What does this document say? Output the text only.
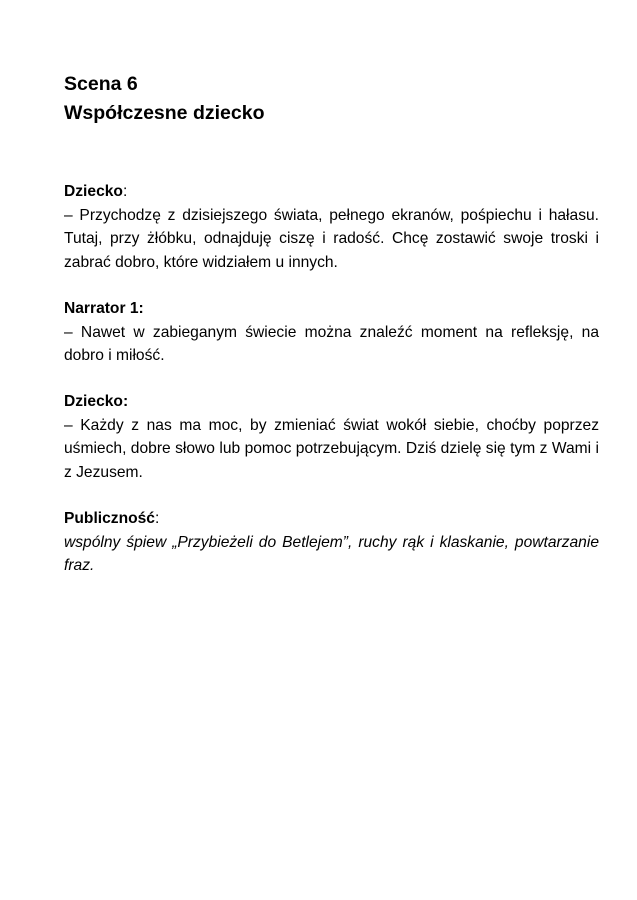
Scena 6
Współczesne dziecko
Dziecko:
– Przychodzę z dzisiejszego świata, pełnego ekranów, pośpiechu i hałasu. Tutaj, przy żłóbku, odnajduję ciszę i radość. Chcę zostawić swoje troski i zabrać dobro, które widziałem u innych.
Narrator 1:
– Nawet w zabieganym świecie można znaleźć moment na refleksję, na dobro i miłość.
Dziecko:
– Każdy z nas ma moc, by zmieniać świat wokół siebie, choćby poprzez uśmiech, dobre słowo lub pomoc potrzebującym. Dziś dzielę się tym z Wami i z Jezusem.
Publiczność:
wspólny śpiew „Przybieżeli do Betlejem”, ruchy rąk i klaskanie, powtarzanie fraz.
